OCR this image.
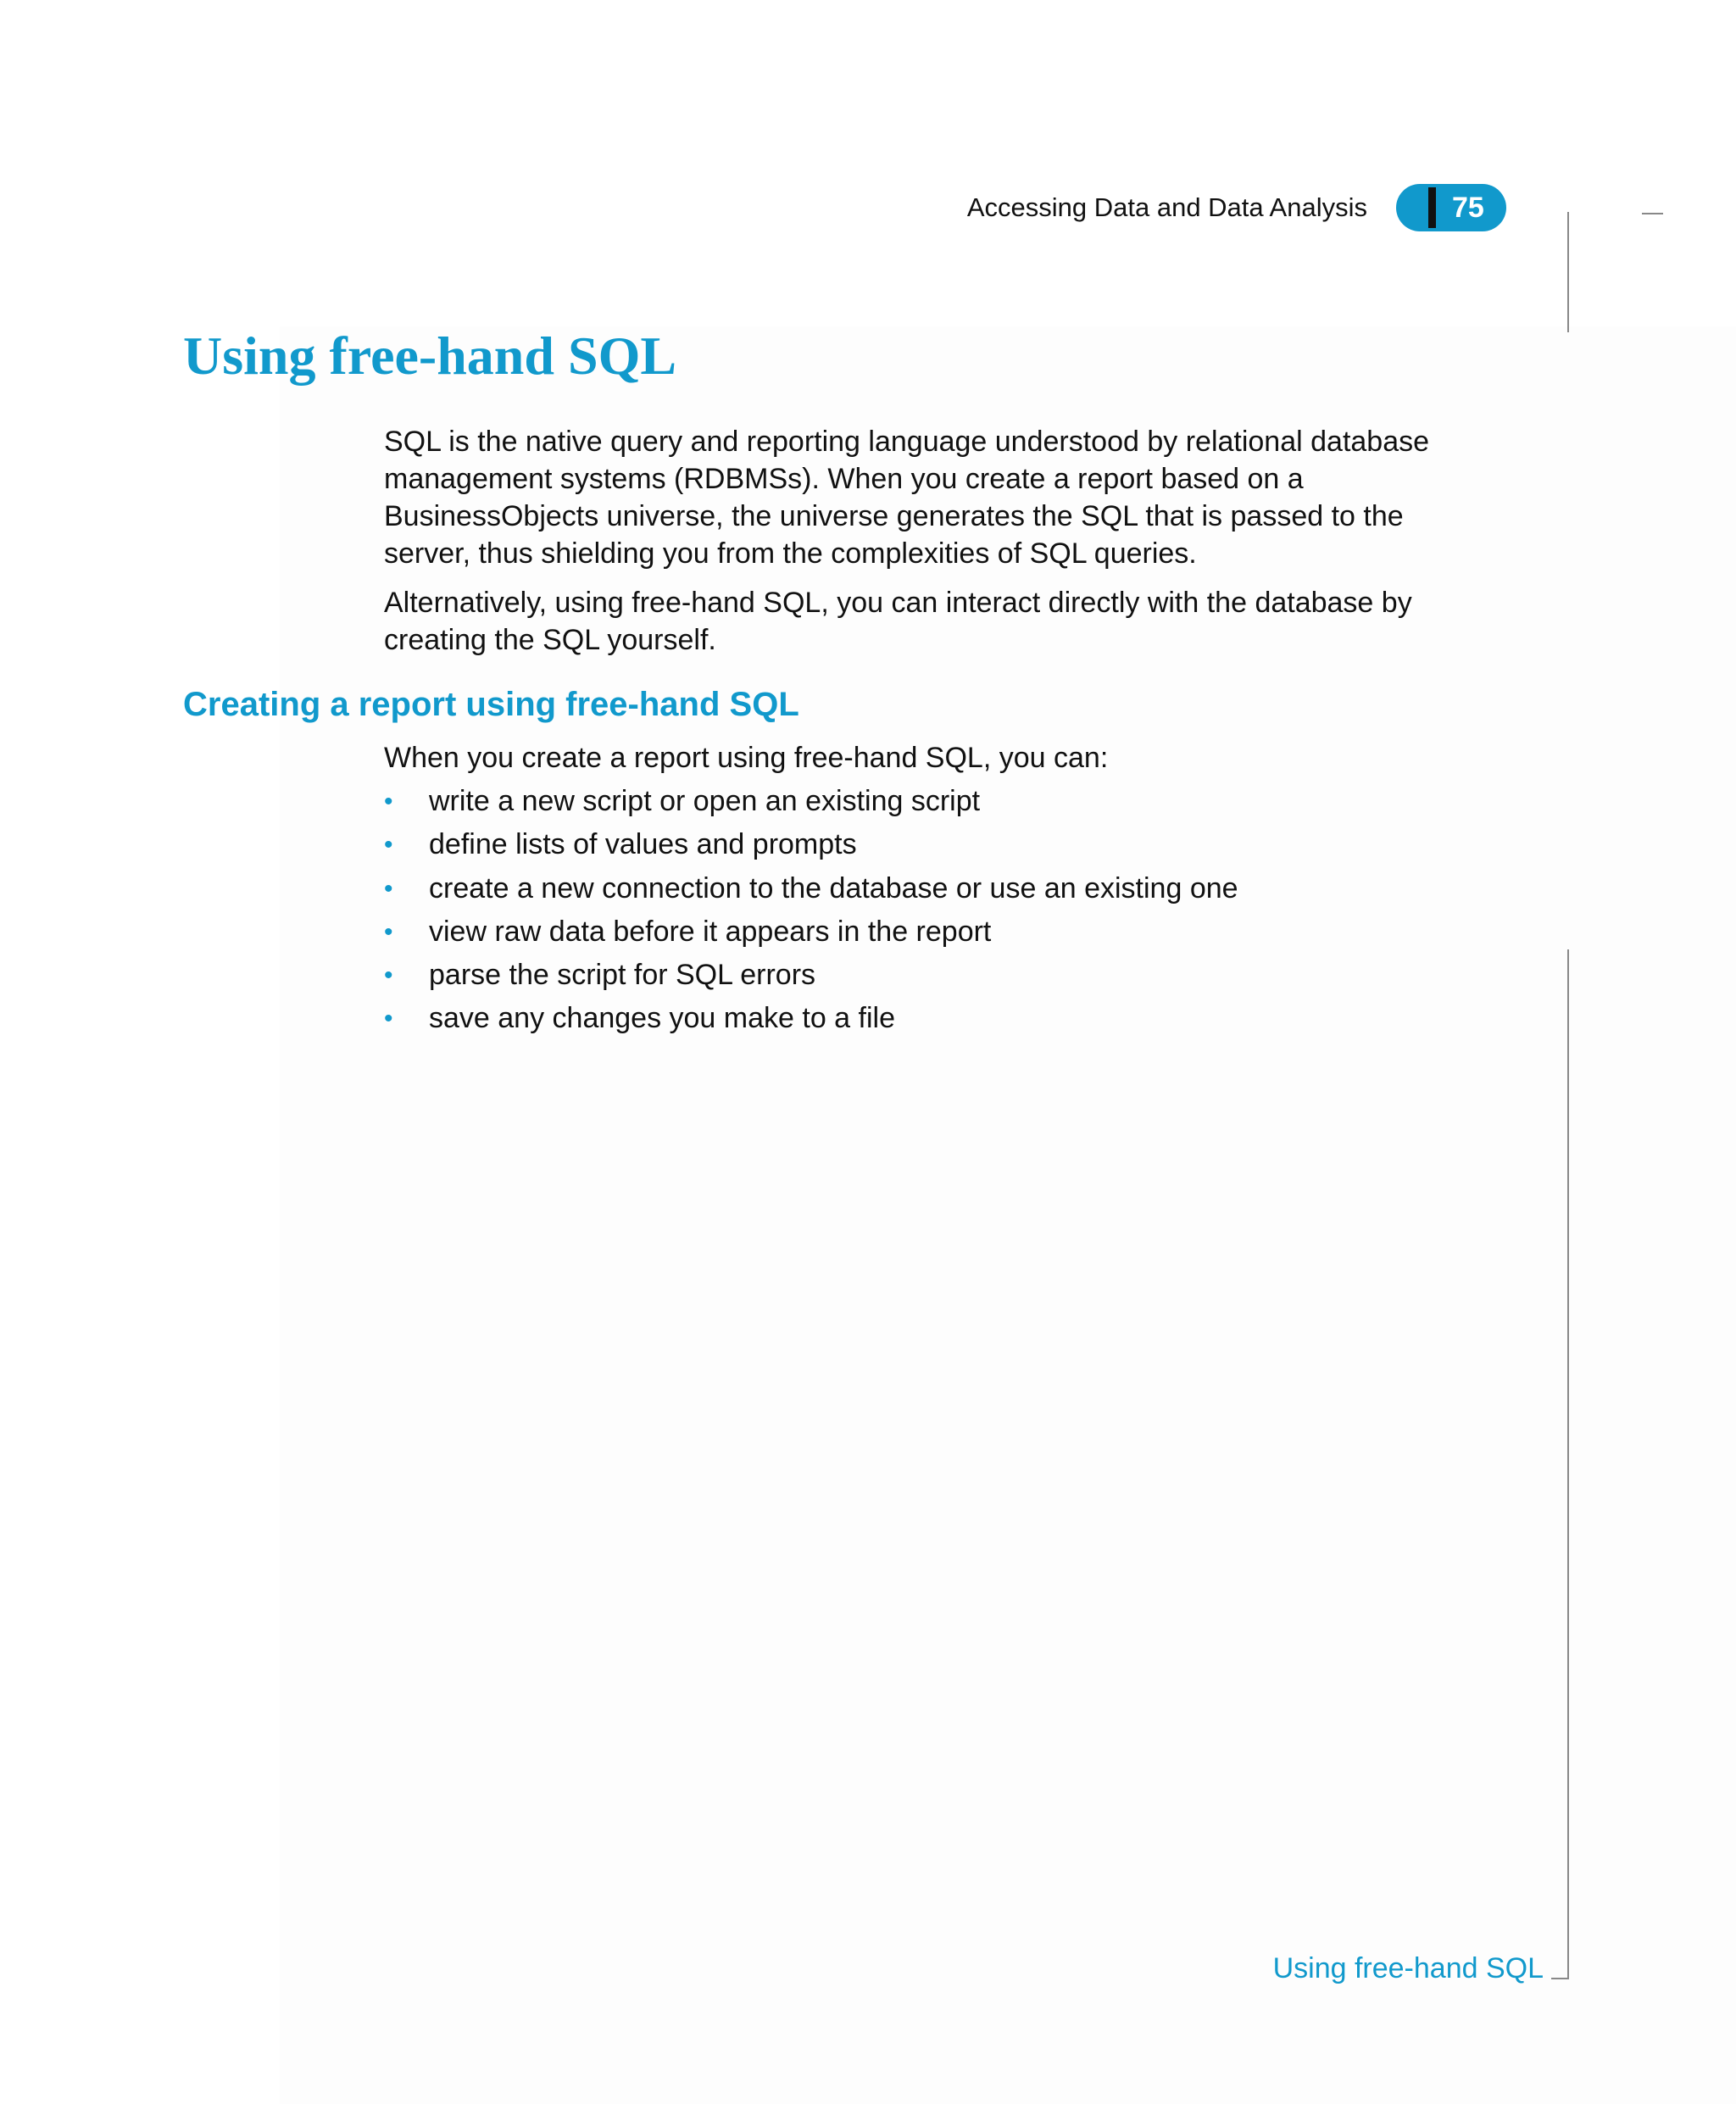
Accessing Data and Data Analysis	75
Using free-hand SQL

SQL is the native query and reporting language understood by relational database management systems (RDBMSs). When you create a report based on a BusinessObjects universe, the universe generates the SQL that is passed to the server, thus shielding you from the complexities of SQL queries.

Alternatively, using free-hand SQL, you can interact directly with the database by creating the SQL yourself.

Creating a report using free-hand SQL

When you create a report using free-hand SQL, you can:

• write a new script or open an existing script
• define lists of values and prompts
• create a new connection to the database or use an existing one
• view raw data before it appears in the report
• parse the script for SQL errors
• save any changes you make to a file
Using free-hand SQL
